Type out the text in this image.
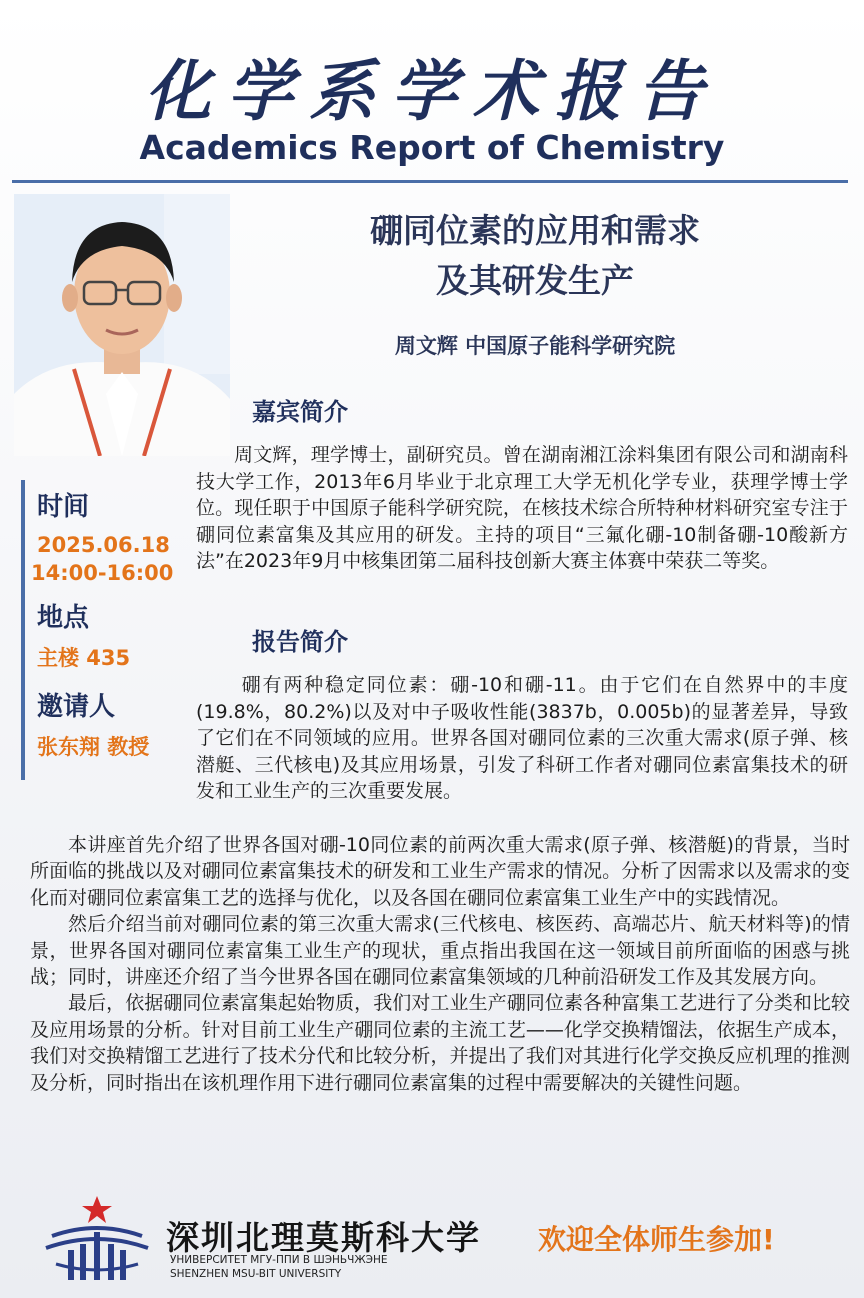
化学系学术报告
Academics Report of Chemistry
硼同位素的应用和需求
及其研发生产
周文辉 中国原子能科学研究院
嘉宾简介
周文辉，理学博士，副研究员。曾在湖南湘江涂料集团有限公司和湖南科技大学工作，2013年6月毕业于北京理工大学无机化学专业，获理学博士学位。现任职于中国原子能科学研究院，在核技术综合所特种材料研究室专注于硼同位素富集及其应用的研发。主持的项目“三氟化硼-10制备硼-10酸新方法”在2023年9月中核集团第二届科技创新大赛主体赛中荣获二等奖。
时间
2025.06.18
14:00-16:00
地点
主楼 435
邀请人
张东翔 教授
报告简介
硼有两种稳定同位素：硼-10和硼-11。由于它们在自然界中的丰度(19.8%，80.2%)以及对中子吸收性能(3837b，0.005b)的显著差异，导致了它们在不同领域的应用。世界各国对硼同位素的三次重大需求(原子弹、核潜艇、三代核电)及其应用场景，引发了科研工作者对硼同位素富集技术的研发和工业生产的三次重要发展。

本讲座首先介绍了世界各国对硼-10同位素的前两次重大需求(原子弹、核潜艇)的背景，当时所面临的挑战以及对硼同位素富集技术的研发和工业生产需求的情况。分析了因需求以及需求的变化而对硼同位素富集工艺的选择与优化，以及各国在硼同位素富集工业生产中的实践情况。

然后介绍当前对硼同位素的第三次重大需求(三代核电、核医药、高端芯片、航天材料等)的情景，世界各国对硼同位素富集工业生产的现状，重点指出我国在这一领域目前所面临的困惑与挑战；同时，讲座还介绍了当今世界各国在硼同位素富集领域的几种前沿研发工作及其发展方向。

最后，依据硼同位素富集起始物质，我们对工业生产硼同位素各种富集工艺进行了分类和比较及应用场景的分析。针对目前工业生产硼同位素的主流工艺——化学交换精馏法，依据生产成本，我们对交换精馏工艺进行了技术分代和比较分析，并提出了我们对其进行化学交换反应机理的推测及分析，同时指出在该机理作用下进行硼同位素富集的过程中需要解决的关键性问题。

深圳北理莫斯科大学
УНИВЕРСИТЕТ МГУ-ППИ В ШЭНЬЧЖЭНЕ
SHENZHEN MSU-BIT UNIVERSITY
欢迎全体师生参加!
